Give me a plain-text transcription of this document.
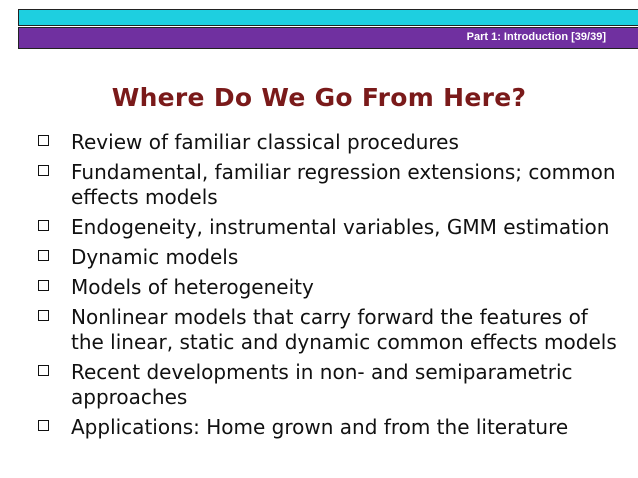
Part 1: Introduction [39/39]
Where Do We Go From Here?
Review of familiar classical procedures
Fundamental, familiar regression extensions; common effects models
Endogeneity, instrumental variables, GMM estimation
Dynamic models
Models of heterogeneity
Nonlinear models that carry forward the features of the linear, static and dynamic common effects models
Recent developments in non- and semiparametric approaches
Applications: Home grown and from the literature
